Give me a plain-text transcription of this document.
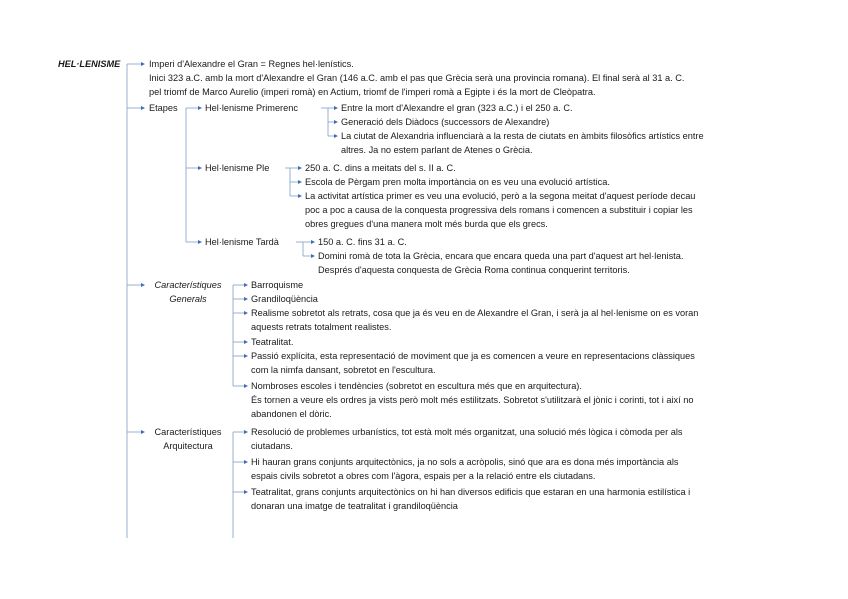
HEL·LENISME	Imperi d'Alexandre el Gran = Regnes hel·lenístics.
Inici 323 a.C. amb la mort d'Alexandre el Gran (146 a.C. amb el pas que Grècia serà una provincia romana). El final serà al 31 a. C.
pel triomf de Marco Aurelio (imperi romà) en Actium, triomf de l'imperi romà a Egipte i és la mort de Cleòpatra.
Etapes	Hel·lenisme Primerenc	Entre la mort d'Alexandre el gran (323 a.C.) i el 250 a. C.
Generació dels Diàdocs (successors de Alexandre)
La ciutat de Alexandria influenciarà a la resta de ciutats en àmbits filosòfics artístics entre
altres. Ja no estem parlant de Atenes o Grècia.
Hel·lenisme Ple	250 a. C. dins a meitats del s. II a. C.
Escola de Pèrgam pren molta importància on es veu una evolució artística.
La activitat artística primer es veu una evolució, però a la segona meitat d'aquest període decau
poc a poc a causa de la conquesta progressiva dels romans i comencen a substituir i copiar les
obres gregues d'una manera molt més burda que els grecs.
Hel·lenisme Tardà	150 a. C. fins 31 a. C.
Domini romà de tota la Grècia, encara que encara queda una part d'aquest art hel·lenista.
Després d'aquesta conquesta de Grècia Roma continua conquerint territoris.
Característiques
Generals
Barroquisme
Grandiloqüència
Realisme sobretot als retrats, cosa que ja és veu en de Alexandre el Gran, i serà ja al hel·lenisme on es voran
aquests retrats totalment realistes.
Teatralitat.
Passió explícita, esta representació de moviment que ja es comencen a veure en representacions clàssiques
com la nimfa dansant, sobretot en l'escultura.
Nombroses escoles i tendències (sobretot en escultura més que en arquitectura).
És tornen a veure els ordres ja vists però molt més estilitzats. Sobretot s'utilitzarà el jònic i corinti, tot i així no
abandonen el dòric.
Característiques
Arquitectura
Resolució de problemes urbanístics, tot està molt més organitzat, una solució més lògica i còmoda per als
ciutadans.
Hi hauran grans conjunts arquitectònics, ja no sols a acròpolis, sinó que ara es dona més importància als
espais civils sobretot a obres com l'àgora, espais per a la relació entre els ciutadans.
Teatralitat, grans conjunts arquitectònics on hi han diversos edificis que estaran en una harmonia estilística i
donaran una imatge de teatralitat i grandiloqüència
